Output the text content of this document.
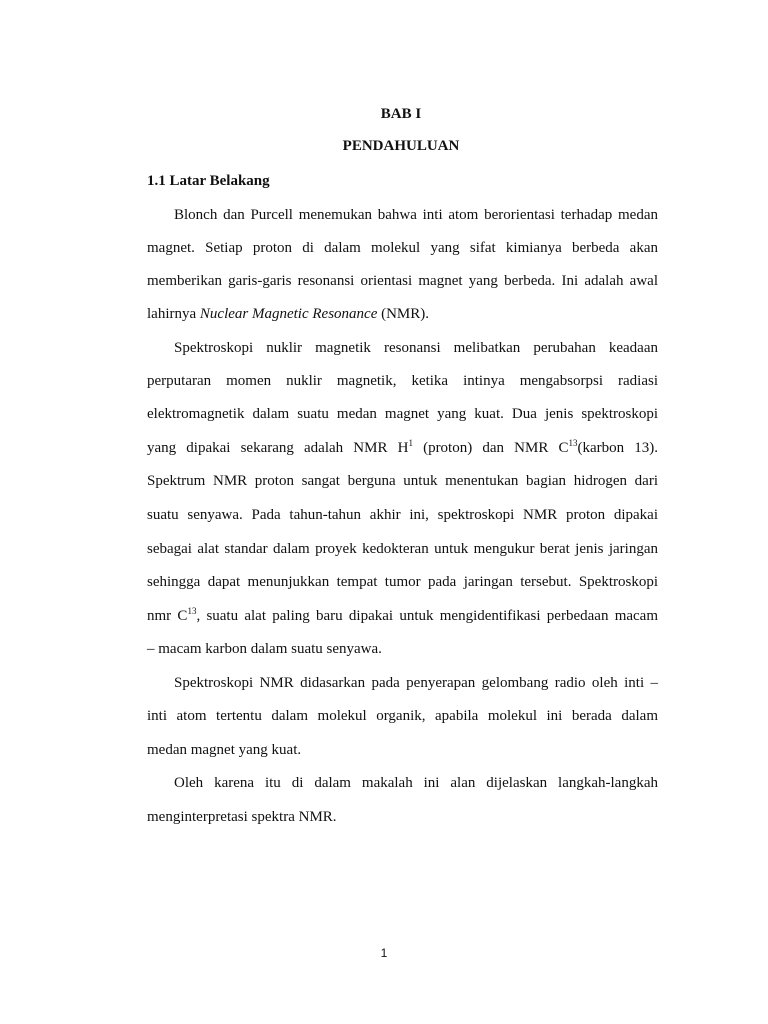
BAB I
PENDAHULUAN
1.1 Latar Belakang
Blonch dan Purcell menemukan bahwa inti atom berorientasi terhadap medan
magnet. Setiap proton di dalam molekul yang sifat kimianya berbeda akan
memberikan garis-garis resonansi orientasi magnet yang berbeda. Ini adalah awal
lahirnya Nuclear Magnetic Resonance (NMR).
Spektroskopi nuklir magnetik resonansi melibatkan perubahan keadaan
perputaran momen nuklir magnetik, ketika intinya mengabsorpsi radiasi
elektromagnetik dalam suatu medan magnet yang kuat. Dua jenis spektroskopi
yang dipakai sekarang adalah NMR $H^1$ (proton) dan NMR $C^{13}(karbon$ 13).
Spektrum NMR proton sangat berguna untuk menentukan bagian hidrogen dari
suatu senyawa. Pada tahun-tahun akhir ini, spektroskopi NMR proton dipakai
sebagai alat standar dalam proyek kedokteran untuk mengukur berat jenis jaringan
sehingga dapat menunjukkan tempat tumor pada jaringan tersebut. Spektroskopi
nmr $C^{13}$, suatu alat paling baru dipakai untuk mengidentifikasi perbedaan macam
– macam karbon dalam suatu senyawa.
Spektroskopi NMR didasarkan pada penyerapan gelombang radio oleh inti –
inti atom tertentu dalam molekul organik, apabila molekul ini berada dalam
medan magnet yang kuat.
Oleh karena itu di dalam makalah ini alan dijelaskan langkah-langkah
menginterpretasi spektra NMR.
1
